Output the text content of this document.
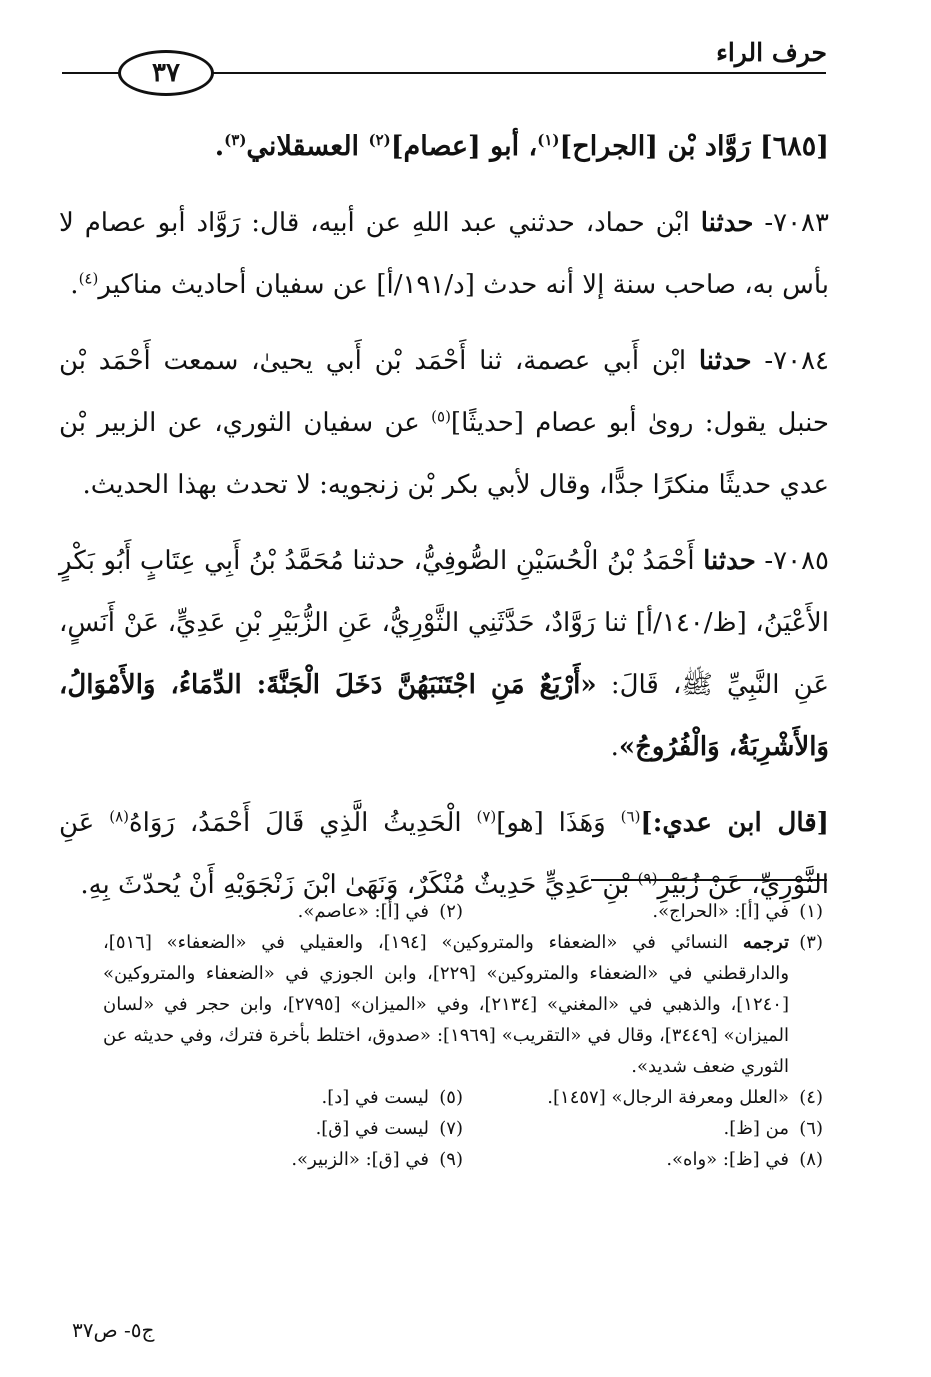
حرف الراء
٣٧

[٦٨٥] رَوَّاد بْن [الجراح]$^{(١)}$، أبو [عصام]$^{(٢)}$ العسقلاني$^{(٣)}$.

٧٠٨٣- حدثنا ابْن حماد، حدثني عبد اللهِ عن أبيه، قال: رَوَّاد أبو عصام لا بأس به، صاحب سنة إلا أنه حدث [د/١٩١/أ] عن سفيان أحاديث مناكير$^{(٤)}$.

٧٠٨٤- حدثنا ابْن أَبي عصمة، ثنا أَحْمَد بْن أَبي يحيىٰ، سمعت أَحْمَد بْن حنبل يقول: رویٰ أبو عصام [حديثًا]$^{(٥)}$ عن سفيان الثوري، عن الزبير بْن عدي حديثًا منكرًا جدًّا، وقال لأبي بكر بْن زنجويه: لا تحدث بهذا الحديث.

٧٠٨٥- حدثنا أَحْمَدُ بْنُ الْحُسَيْنِ الصُّوفِيُّ، حدثنا مُحَمَّدُ بْنُ أَبِي عِتَابٍ أَبُو بَكْرٍ الأَعْيَنُ، [ظ/١٤٠/أ] ثنا رَوَّادٌ، حَدَّثَنِي الثَّوْرِيُّ، عَنِ الزُّبَيْرِ بْنِ عَدِيٍّ، عَنْ أَنَسٍ، عَنِ النَّبِيِّ ﷺ، قَالَ: «أَرْبَعٌ مَنِ اجْتَنَبَهُنَّ دَخَلَ الْجَنَّةَ: الدِّمَاءُ، وَالأَمْوَالُ، وَالأَشْرِبَةُ، وَالْفُرُوجُ».

[قال ابن عدي:]$^{(٦)}$ وَهَذَا [هو]$^{(٧)}$ الْحَدِيثُ الَّذِي قَالَ أَحْمَدُ، رَوَاهُ$^{(٨)}$ عَنِ الثَّوْرِيِّ، عَنْ زُبَيْرِ$^{(٩)}$ بْنِ عَدِيٍّ حَدِيثٌ مُنْكَرٌ، وَنَهَىٰ ابْنَ زَنْجَوَيْهِ أَنْ يُحدّثَ بِهِ.

(١)في [أ]: «الحراج».
(٢)في [أ]: «عاصم».
(٣)
ترجمه النسائي في «الضعفاء والمتروكين» [١٩٤]، والعقيلي في «الضعفاء» [٥١٦]، والدارقطني في «الضعفاء والمتروكين» [٢٢٩]، وابن الجوزي في «الضعفاء والمتروكين» [١٢٤٠]، والذهبي في «المغني» [٢١٣٤]، وفي «الميزان» [٢٧٩٥]، وابن حجر في «لسان الميزان» [٣٤٤٩]، وقال في «التقريب» [١٩٦٩]: «صدوق، اختلط بأخرة فترك، وفي حديثه عن الثوري ضعف شديد».
(٤)«العلل ومعرفة الرجال» [١٤٥٧].
(٥)ليست في [د].
(٦)من [ظ].
(٧)ليست في [ق].
(٨)في [ظ]: «واه».
(٩)في [ق]: «الزبير».
ج٥- ص٣٧
